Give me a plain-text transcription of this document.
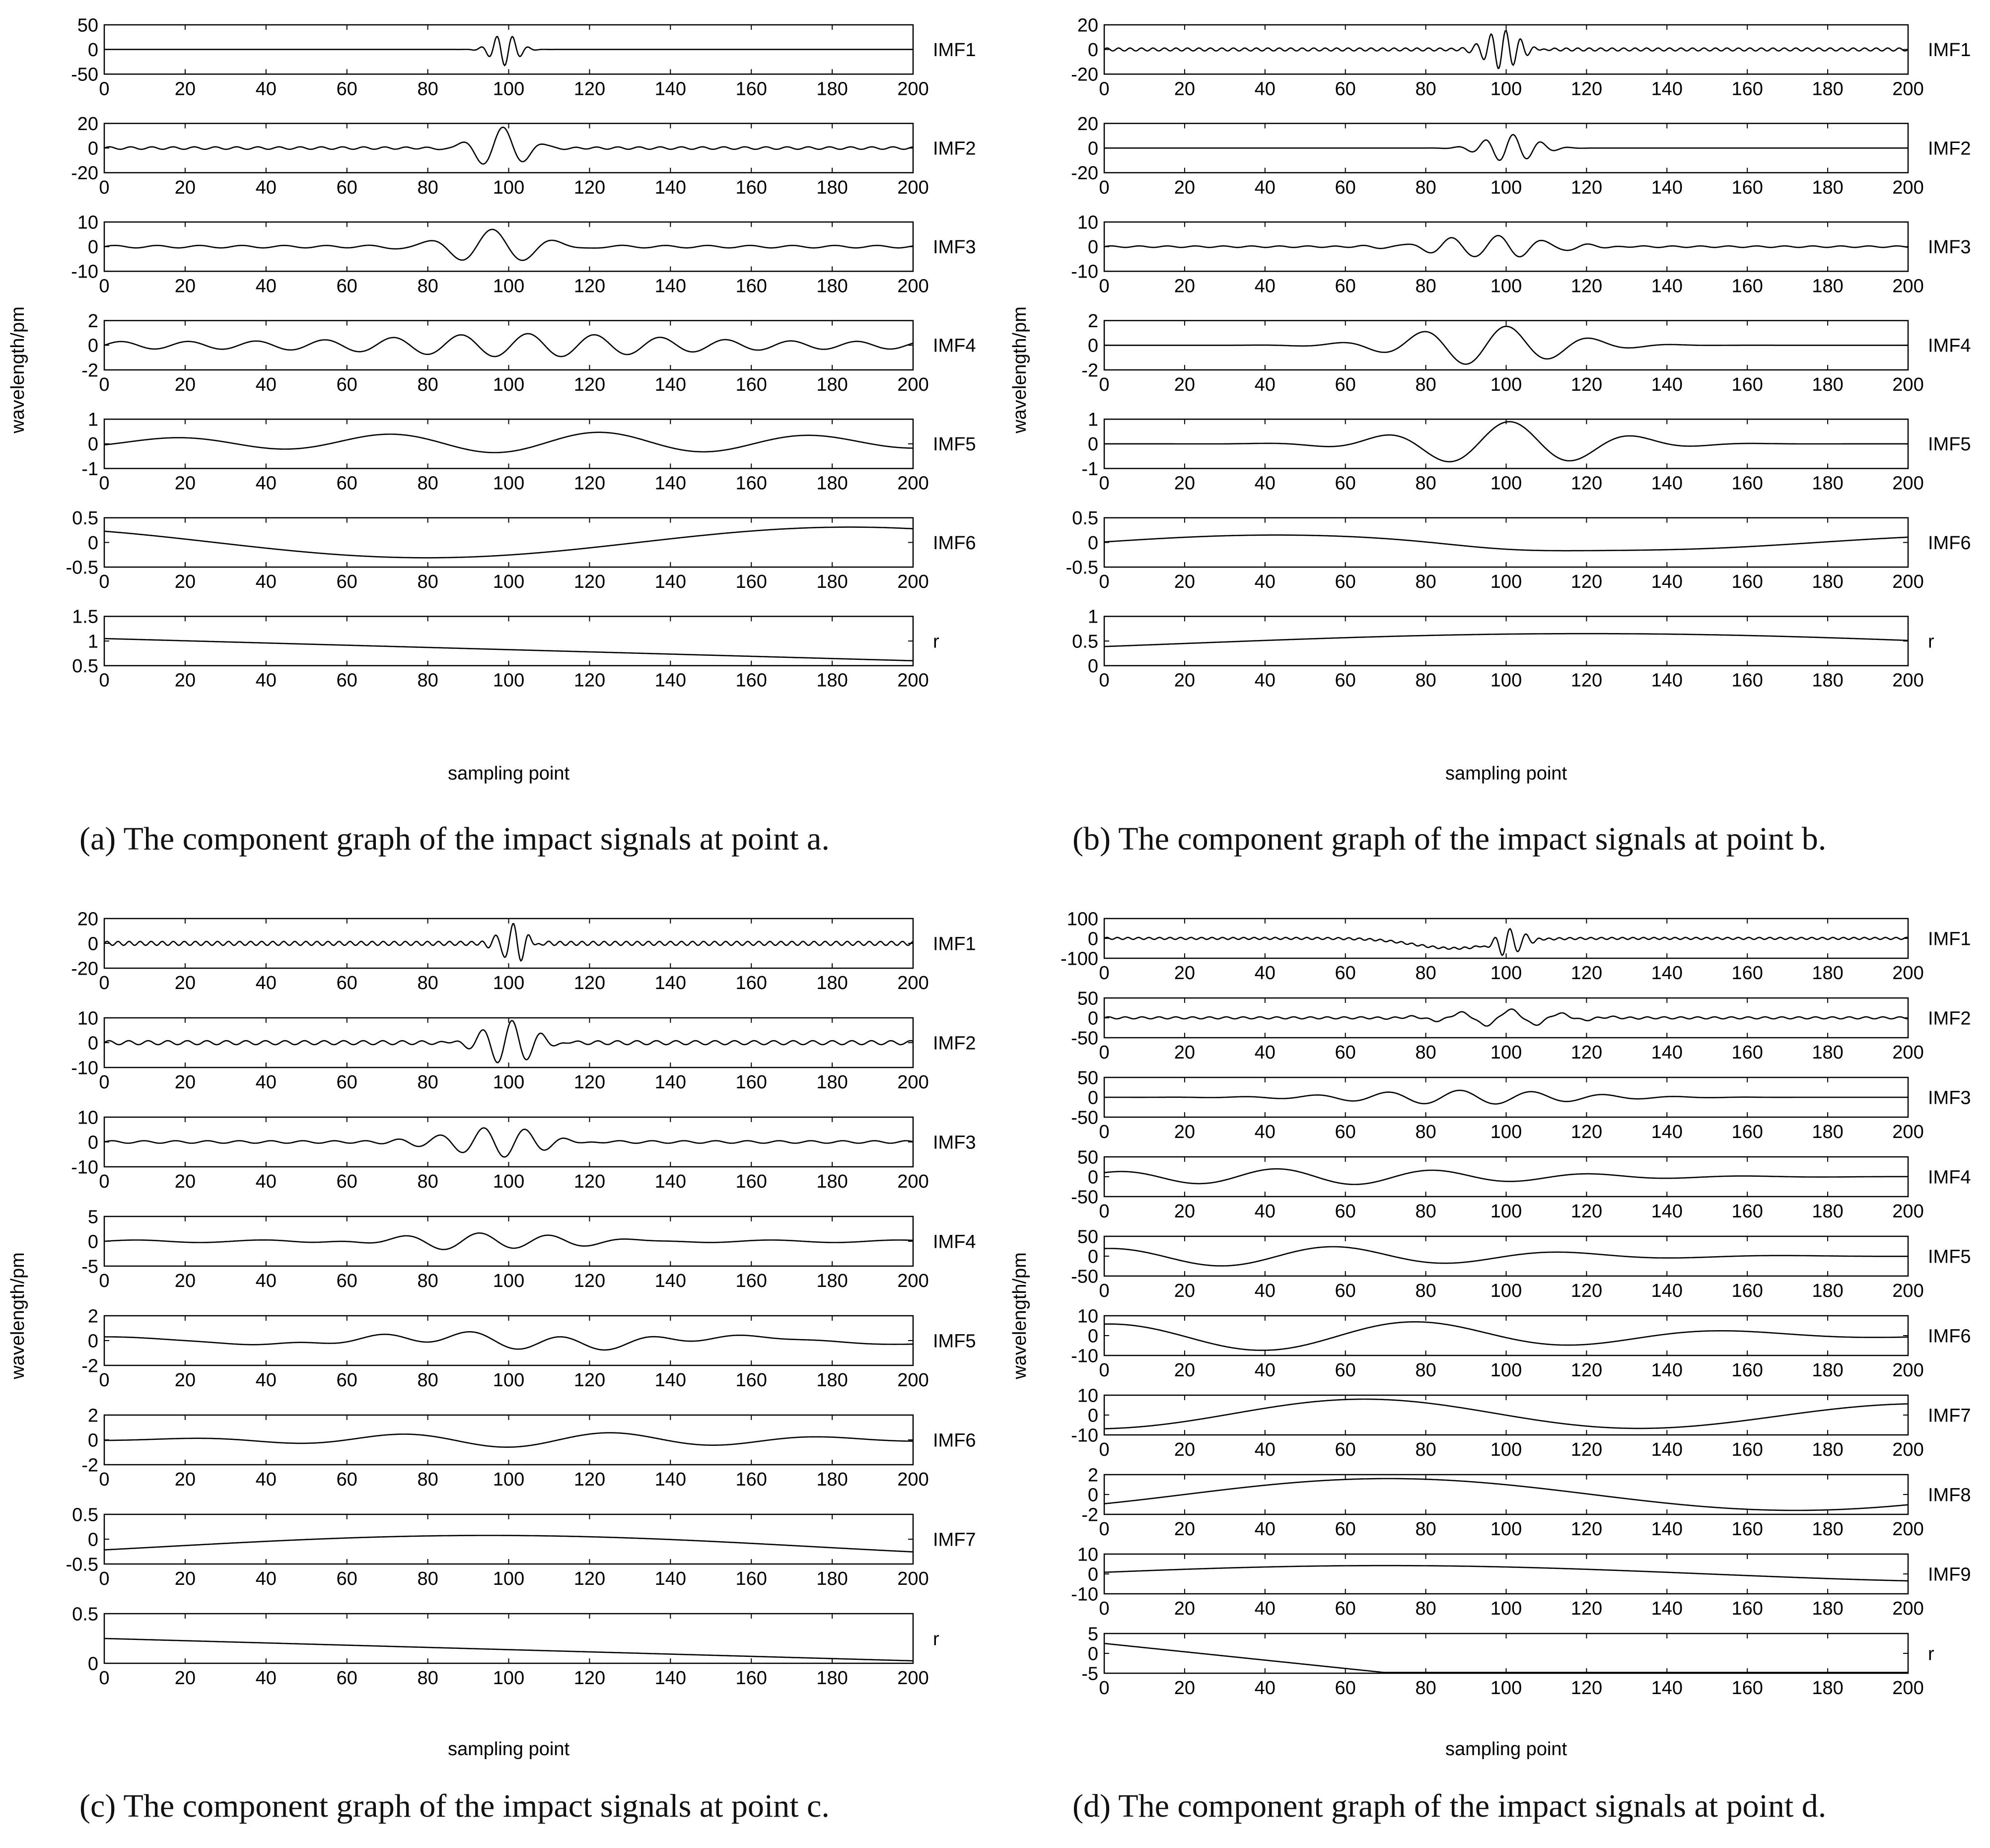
wavelength/pm
0	20	40	60	80	100	120	140	160	180	200
50
0
-50
IMF1
0	20	40	60	80	100	120	140	160	180	200
20
0
-20
IMF2
0	20	40	60	80	100	120	140	160	180	200
10
0
-10
IMF3
0	20	40	60	80	100	120	140	160	180	200
2
0
-2
IMF4
0	20	40	60	80	100	120	140	160	180	200
1
0
-1
IMF5
0	20	40	60	80	100	120	140	160	180	200
0.5
0
-0.5
IMF6
0	20	40	60	80	100	120	140	160	180	200
1.5
1
0.5
r
sampling point
wavelength/pm
0	20	40	60	80	100	120	140	160	180	200
20
0
-20
IMF1
0	20	40	60	80	100	120	140	160	180	200
20
0
-20
IMF2
0	20	40	60	80	100	120	140	160	180	200
10
0
-10
IMF3
0	20	40	60	80	100	120	140	160	180	200
2
0
-2
IMF4
0	20	40	60	80	100	120	140	160	180	200
1
0
-1
IMF5
0	20	40	60	80	100	120	140	160	180	200
0.5
0
-0.5
IMF6
0	20	40	60	80	100	120	140	160	180	200
1
0.5
0
r
sampling point
wavelength/pm
0	20	40	60	80	100	120	140	160	180	200
20
0
-20
IMF1
0	20	40	60	80	100	120	140	160	180	200
10
0
-10
IMF2
0	20	40	60	80	100	120	140	160	180	200
10
0
-10
IMF3
0	20	40	60	80	100	120	140	160	180	200
5
0
-5
IMF4
0	20	40	60	80	100	120	140	160	180	200
2
0
-2
IMF5
0	20	40	60	80	100	120	140	160	180	200
2
0
-2
IMF6
0	20	40	60	80	100	120	140	160	180	200
0.5
0
-0.5
IMF7
0	20	40	60	80	100	120	140	160	180	200
0.5
0
r
sampling point
wavelength/pm
0	20	40	60	80	100	120	140	160	180	200
100
0
-100
IMF1
0	20	40	60	80	100	120	140	160	180	200
50
0
-50
IMF2
0	20	40	60	80	100	120	140	160	180	200
50
0
-50
IMF3
0	20	40	60	80	100	120	140	160	180	200
50
0
-50
IMF4
0	20	40	60	80	100	120	140	160	180	200
50
0
-50
IMF5
0	20	40	60	80	100	120	140	160	180	200
10
0
-10
IMF6
0	20	40	60	80	100	120	140	160	180	200
10
0
-10
IMF7
0	20	40	60	80	100	120	140	160	180	200
2
0
-2
IMF8
0	20	40	60	80	100	120	140	160	180	200
10
0
-10
IMF9
0	20	40	60	80	100	120	140	160	180	200
5
0
-5
r
sampling point
(a) The component graph of the impact signals at point a.	(b) The component graph of the impact signals at point b.
(c) The component graph of the impact signals at point c.	(d) The component graph of the impact signals at point d.
